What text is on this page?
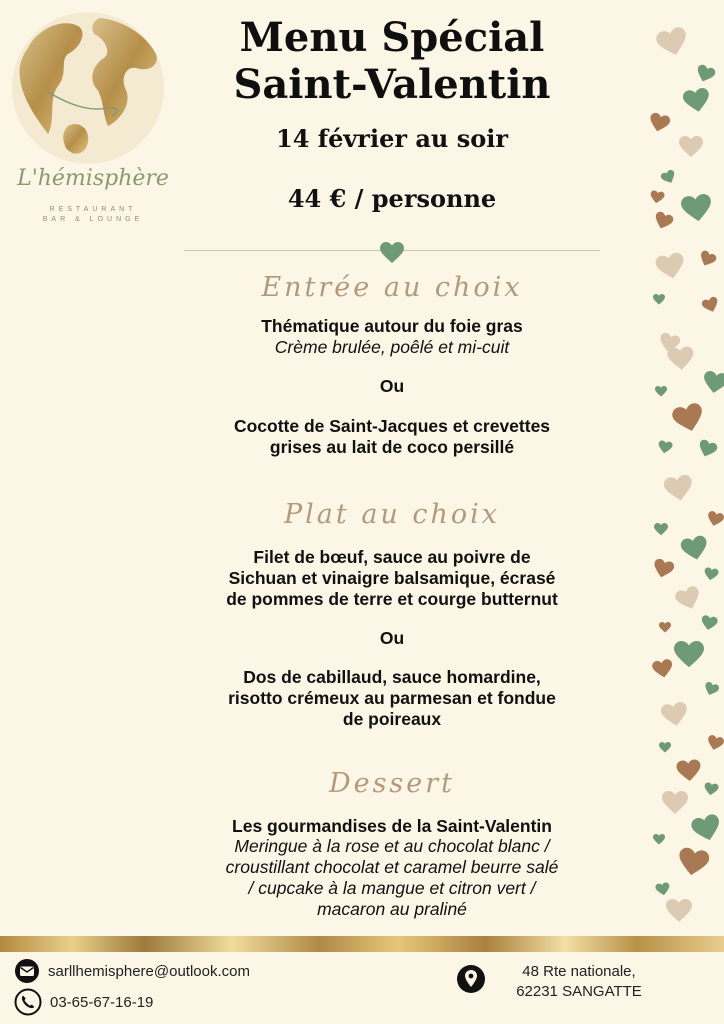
L'hémisphère
RESTAURANT
BAR & LOUNGE
Menu Spécial
Saint-Valentin
14 février au soir
44 € / personne
Entrée au choix
Thématique autour du foie gras
Crème brulée, poêlé et mi-cuit
Ou
Cocotte de Saint-Jacques et crevettes
grises au lait de coco persillé
Plat au choix
Filet de bœuf, sauce au poivre de
Sichuan et vinaigre balsamique, écrasé
de pommes de terre et courge butternut
Ou
Dos de cabillaud, sauce homardine,
risotto crémeux au parmesan et fondue
de poireaux
Dessert
Les gourmandises de la Saint-Valentin
Meringue à la rose et au chocolat blanc /
croustillant chocolat et caramel beurre salé
/ cupcake à la mangue et citron vert /
macaron au praliné
sarllhemisphere@outlook.com
03-65-67-16-19
48 Rte nationale,
62231 SANGATTE
